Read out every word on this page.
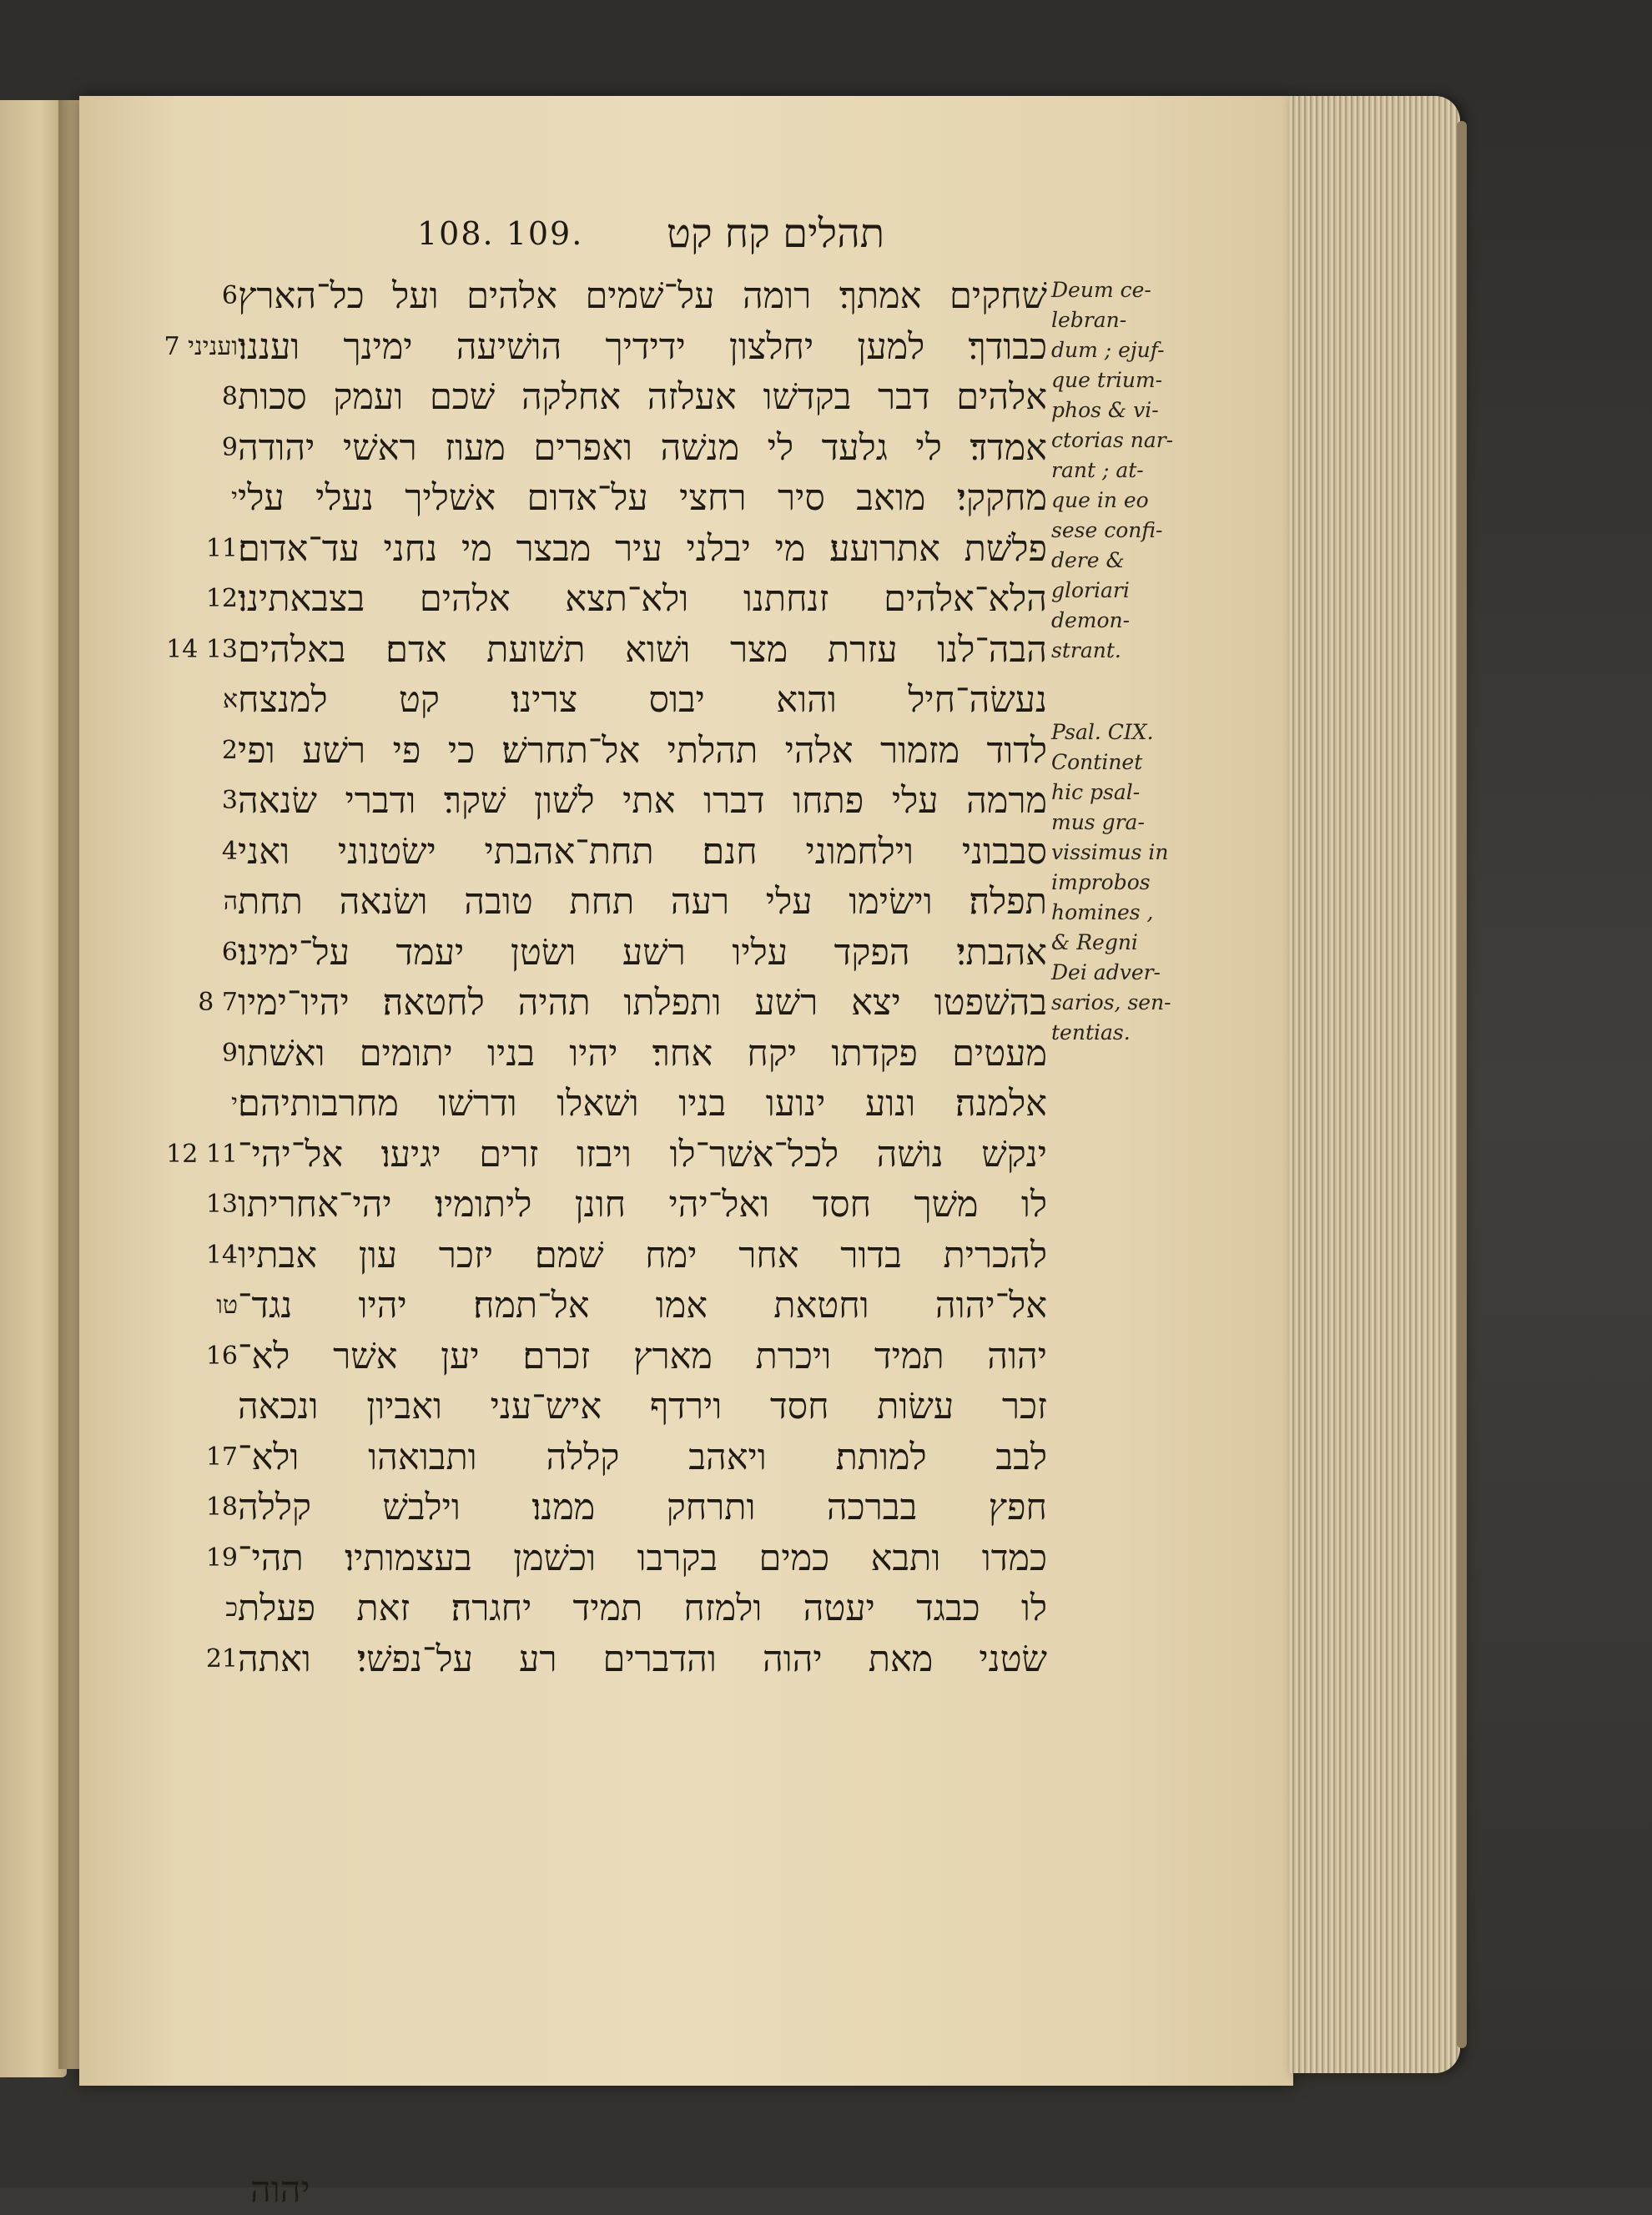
108. 109. תהלים קח קט
6 שׁחקים אמתך׃ רומה על־שׁמים אלהים ועל כל־הארץ
7 ועניני כבודך׃ למען יחלצון ידידיך הושׁיעה ימינך ועננו׃
8 אלהים דבר בקדשׁו אעלזה אחלקה שׁכם ועמק סכות
9 אמדד׃ לי גלעד לי מנשׁה ואפרים מעוז ראשׁי יהודה
י מחקקי׃ מואב סיר רחצי על־אדום אשׁליך נעלי עלי
11 פלשׁת אתרועע׃ מי יבלני עיר מבצר מי נחני עד־אדום׃
12 הלא־אלהים זנחתנו ולא־תצא אלהים בצבאתינו׃
14 13 הבה־לנו עזרת מצר ושׁוא תשׁועת אדם׃ באלהים
א נעשׂה־חיל והוא יבוס צרינו׃ קט למנצח
2 לדוד מזמור אלהי תהלתי אל־תחרשׁ׃ כי פי רשׁע ופי
3 מרמה עלי פתחו דברו אתי לשׁון שׁקר׃ ודברי שׂנאה
4 סבבוני וילחמוני חנם׃ תחת־אהבתי ישׂטנוני ואני
ה תפלה׃ וישׂימו עלי רעה תחת טובה ושׂנאה תחת
6 אהבתי׃ הפקד עליו רשׁע ושׂטן יעמד על־ימינו׃
8 7 בהשׁפטו יצא רשׁע ותפלתו תהיה לחטאה׃ יהיו־ימיו
9 מעטים פקדתו יקח אחר׃ יהיו בניו יתומים ואשׁתו
י אלמנה׃ ונוע ינועו בניו ושׁאלו ודרשׁו מחרבותיהם׃
12 11 ינקשׁ נושׁה לכל־אשׁר־לו ויבזו זרים יגיעו׃ אל־יהי־
13 לו משׁך חסד ואל־יהי חונן ליתומיו׃ יהי־אחריתו
14 להכרית בדור אחר ימח שׁמם׃ יזכר עון אבתיו
טו אל־יהוה וחטאת אמו אל־תמח׃ יהיו נגד־
16 יהוה תמיד ויכרת מארץ זכרם׃ יען אשׁר לא־
זכר עשׂות חסד וירדף איש־עני ואביון ונכאה
17 לבב למותת׃ ויאהב קללה ותבואהו ולא־
18 חפץ בברכה ותרחק ממנו׃ וילבשׁ קללה
19 כמדו ותבא כמים בקרבו וכשׁמן בעצמותיו׃ תהי־
כ לו כבגד יעטה ולמזח תמיד יחגרה׃ זאת פעלת
21 שׂטני מאת יהוה והדברים רע על־נפשׁי׃ ואתה
יהוה
Deum ce-
lebran-
dum ; ejuf-
que trium-
phos & vi-
ctorias nar-
rant ; at-
que in eo
sese confi-
dere &
gloriari
demon-
strant.
Psal. CIX.
Continet
hic psal-
mus gra-
vissimus in
improbos
homines ,
& Regni
Dei adver-
sarios, sen-
tentias.
